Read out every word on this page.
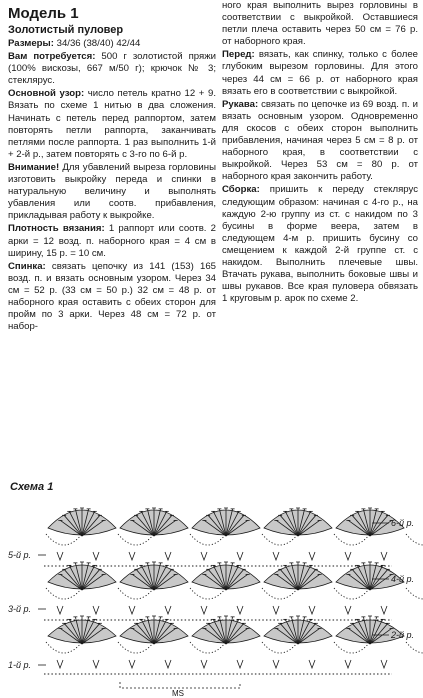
Модель 1
Золотистый пуловер

Размеры: 34/36 (38/40) 42/44

Вам потребуется: 500 г золотистой пряжи (100% вискозы, 667 м/50 г); крючок № 3; стеклярус.

Основной узор: число петель кратно 12 + 9. Вязать по схеме 1 нитью в два сложения. Начинать с петель перед раппортом, затем повторять петли раппорта, заканчивать петлями после раппорта. 1 раз выполнить 1-й + 2-й р., затем повторять с 3-го по 6-й р.

Внимание! Для убавлений выреза горловины изготовить выкройку переда и спинки в натуральную величину и выполнять убавления или соотв. прибавления, прикладывая работу к выкройке.

Плотность вязания: 1 раппорт или соотв. 2 арки = 12 возд. п. наборного края = 4 см в ширину, 15 р. = 10 см.

Спинка: связать цепочку из 141 (153) 165 возд. п. и вязать основным узором. Через 34 см = 52 р. (33 см = 50 р.) 32 см = 48 р. от наборного края оставить с обеих сторон для пройм по 3 арки. Через 48 см = 72 р. от набор-

ного края выполнить вырез горловины в соответствии с выкройкой. Оставшиеся петли плеча оставить через 50 см = 76 р. от наборного края.

Перед: вязать, как спинку, только с более глубоким вырезом горловины. Для этого через 44 см = 66 р. от наборного края вязать его в соответствии с выкройкой.

Рукава: связать по цепочке из 69 возд. п. и вязать основным узором. Одновременно для скосов с обеих сторон выполнить прибавления, начиная через 5 см = 8 р. от наборного края, в соответствии с выкройкой. Через 53 см = 80 р. от наборного края закончить работу.

Сборка: пришить к переду стеклярус следующим образом: начиная с 4-го р., на каждую 2-ю группу из ст. с накидом по 3 бусины в форме веера, затем в следующем 4-м р. пришить бусину со смещением к каждой 2-й группе ст. с накидом. Выполнить плечевые швы. Втачать рукава, выполнить боковые швы и швы рукавов. Все края пуловера обвязать 1 круговым р. арок по схеме 2.

Схема 1
5-й р.
3-й р.
1-й р.
6-й р.
4-й р.
2-й р.
MS
